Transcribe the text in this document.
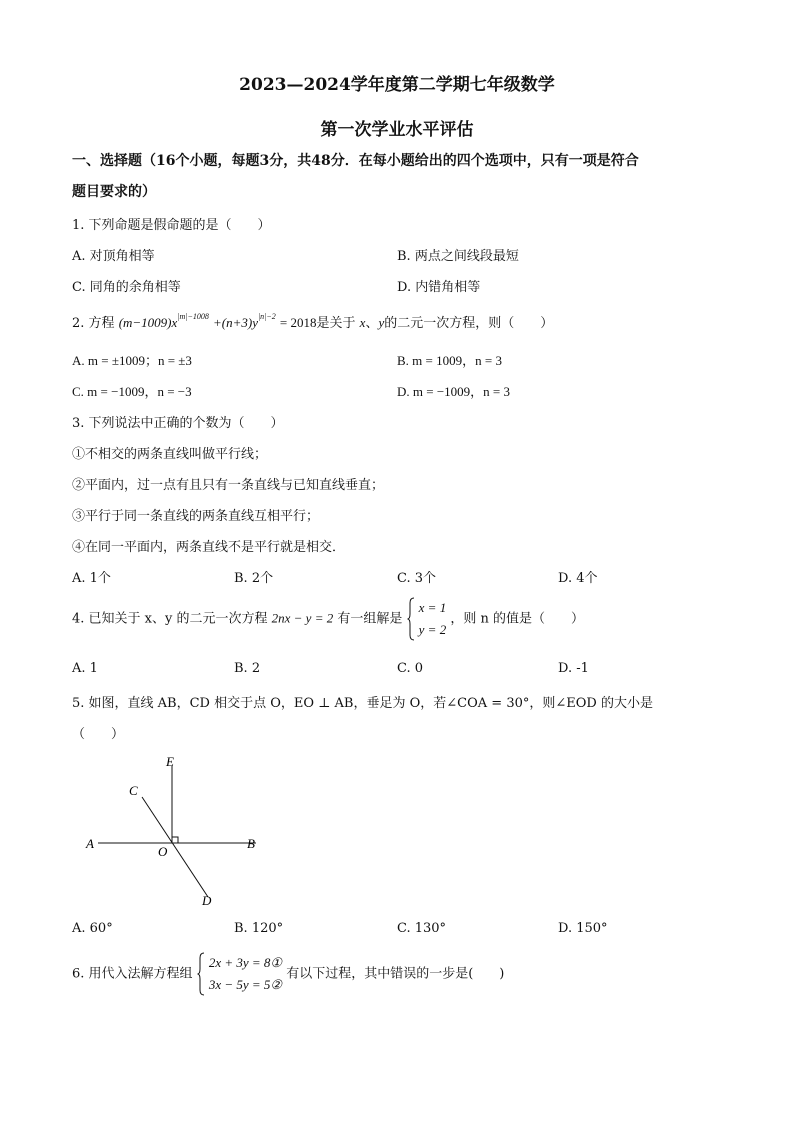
2023—2024学年度第二学期七年级数学
第一次学业水平评估
一、选择题（16个小题，每题3分，共48分．在每小题给出的四个选项中，只有一项是符合
题目要求的）
1. 下列命题是假命题的是（　　）
A. 对顶角相等	B. 两点之间线段最短
C. 同角的余角相等	D. 内错角相等
2. 方程 $(m-1009)x^{|m|-1008} +(n+3)y^{|n|-2} = 2018$是关于 x、y的二元一次方程，则（　　）
A. m = ±1009；n = ±3	B. m = 1009，n = 3
C. m = −1009，n = −3	D. m = −1009，n = 3
3. 下列说法中正确的个数为（　　）
①不相交的两条直线叫做平行线；
②平面内，过一点有且只有一条直线与已知直线垂直；
③平行于同一条直线的两条直线互相平行；
④在同一平面内，两条直线不是平行就是相交．
A. 1个	B. 2个	C. 3个	D. 4个
4. 已知关于 x、y 的二元一次方程 2nx − y = 2 有一组解是  x = 1
y = 2 ，则 n 的值是（　　）
A. 1	B. 2	C. 0	D. -1
5. 如图，直线 AB，CD 相交于点 O，EO ⊥ AB，垂足为 O，若∠COA = 30°，则∠EOD 的大小是
（　　）
E
C
A
O
B
D
A. 60°	B. 120°	C. 130°	D. 150°
6. 用代入法解方程组  2x + 3y = 8①
3x − 5y = 5② 有以下过程，其中错误的一步是(　　)
